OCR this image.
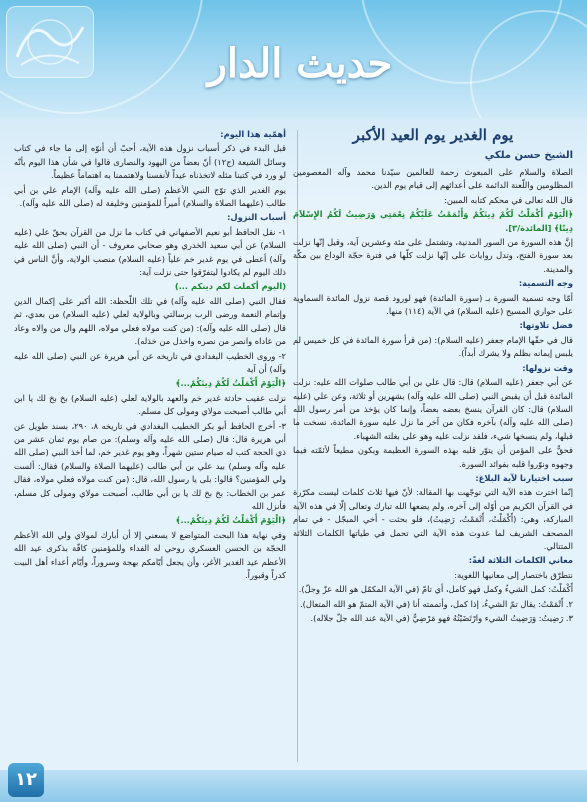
حديث الدار
يوم الغدير يوم العيد الأكبر
الشيخ حسن ملكي

الصلاة والسلام على المبعوث رحمة للعالمين سيّدنا محمد وآله المعصومين المظلومين واللّعنة الدائمة على أعدائهم إلى قيام يوم الدين.

قال الله تعالى في محكم كتابه المبين:

﴿الْيَوْمَ أَكْمَلْتُ لَكُمْ دِينَكُمْ وَأَتْمَمْتُ عَلَيْكُمْ نِعْمَتِي وَرَضِيتُ لَكُمُ الإِسْلاَمَ دِينًا﴾ [المائدة/٣].

إنَّ هذه السورة من السور المدنية، وتشتمل على مئة وعشرين آية، وقيل إنّها نزلت بعد سورة الفتح، وتدل روايات على إنّها نزلت كلّها في فترة حجّة الوداع بين مكّة والمدينة.

وجه التسمية:

أمّا وجه تسمية السورة بـ (سورة المائدة) فهو لورود قصة نزول المائدة السماوية على حواري المسيح (عليه السلام) في الآية (١١٤) منها.

فضل تلاوتها:

قال في حقّها الإمام جعفر (عليه السلام): (من قرأ سورة المائدة في كل خميس لم يلبس إيمانه بظلم ولا يشرك أبداً).

وقت نزولها:

عن أبي جعفر (عليه السلام) قال: قال علي بن أبي طالب صلوات الله عليه: نزلت المائدة قبل أن يقبض النبي (صلى الله عليه وآله) بشهرين أو ثلاثة، وعن علي (عليه السلام) قال: كان القرآن ينسخ بعضه بعضاً، وإنما كان يؤخذ من أمر رسول الله (صلى الله عليه وآله) بآخره فكان من آخر ما نزل عليه سورة المائدة، نسخت ما قبلها، ولم ينسخها شيء، فلقد نزلت عليه وهو على بغلته الشهباء.

فحقٌّ على المؤمن أن يتوّر قلبه بهذه السورة العظيمة ويكون مطيعاً لأئمّته فيما وجهوه ونوّروا قلبه بفوائد السورة.

سبب اختيارنا لآية البلاغ:

إنّما اخترت هذه الآية التي توجّهت بها المقالة: لأنّ فيها ثلاث كلمات ليست مكرّرة في القرآن الكريم من أوّله إلى آخره، ولم يضعها الله تبارك وتعالى إلّا في هذه الآية المباركة، وهي: (أَكْمَلْتُ، أَتْمَمْتُ، رَضِيتُ)، فلو بحثت - أخي المبجّل - في تمام المصحف الشريف لما عدوت هذه الآية التي تحمل في طياتها الكلمات الثلاثة المتتالي.

معاني الكلمات الثلاثة لغةً:

نتطرّق باختصار إلى معانيها اللغوية:

أَكْمَلْتُ: كمل الشيءُ وكمل فهو كامل، أي تامّ (في الآية المكمّل هو الله عزّ وجلّ).

٢. أَتْمَمْتُ: يقال تمّ الشيءُ، إذا كمل، وأتممته أنا (في الآية المتمّ هو الله المتعال).

٣. رَضِيتُ: وَرَضِيتُ الشيء وارْتَضَيْتُهُ فهو مَرْضِيٌّ (في الآية عند الله جلّ جلاله).

أهمّية هذا اليوم:

قبل البدء في ذكر أسباب نزول هذه الآية، أحبّ أن أنوّه إلى ما جاء في كتاب وسائل الشيعة (ج١٢) أنّ بعضاً من اليهود والنصارى قالوا في شأن هذا اليوم بأنّه لو ورد في كتبنا مثله لاتخذناه عيداً لأنفسنا ولاهتممنا به اهتماماً عظيماً.

يوم الغدير الذي توّج النبي الأعظم (صلى الله عليه وآله) الإمام علي بن أبي طالب (عليهما الصلاة والسلام) أميراً للمؤمنين وخليفة له (صلى الله عليه وآله).

أسباب النزول:

١- نقل الحافظ أبو نعيم الأصفهاني في كتاب ما نزل من القرآن بحقّ علي (عليه السلام) عن أبي سعيد الخدري وهو صحابي معروف - أن النبي (صلى الله عليه وآله) أعطى في يوم غدير خم علياً (عليه السلام) منصب الولاية، وأنَّ الناس في ذلك اليوم لم يكادوا ليتفرّقوا حتى نزلت آية:

(اليوم أكملت لكم دينكم ...)

فقال النبي (صلى الله عليه وآله) في تلك اللّحظة: الله أكبر على إكمال الدين وإتمام النعمة ورضى الرب برسالتي وبالولاية لعلي (عليه السلام) من بعدي، ثم قال (صلى الله عليه وآله): (من كنت مولاه فعلي مولاه، اللهم وال من والاه وعاد من عاداه وانصر من نصره واخذل من خذله).

٢- وروى الخطيب البغدادي في تاريخه عن أبي هريرة عن النبي (صلى الله عليه وآله) أن آية

﴿الْيَوْمَ أَكْمَلْتُ لَكُمْ دِينَكُمْ...﴾

نزلت عقيب حادثة غدير خم والعهد بالولاية لعلي (عليه السلام) بخ بخ لك يا ابن أبي طالب أصبحت مولاي ومولى كل مسلم.

٣- أخرج الحافظ أبو بكر الخطيب البغدادي في تاريخه ٨، ٢٩٠، بسند طويل عن أبي هريرة قال: قال (صلى الله عليه وآله وسلم): من صام يوم ثمان عشر من ذي الحجة كتب له صيام ستين شهراً، وهو يوم غدير خم، لما أخذ النبي (صلى الله عليه وآله وسلم) بيد علي بن أبي طالب (عليهما الصلاة والسلام) فقال: ألست ولي المؤمنين؟ قالوا: بلى يا رسول الله، قال: (من كنت مولاه فعلي مولاه، فقال عمر بن الخطاب: بخ بخ لك يا بن أبي طالب، أصبحت مولاي ومولى كل مسلم، فأنزل الله

﴿الْيَوْمَ أَكْمَلْتُ لَكُمْ دِينَكُمْ...﴾

وفي نهاية هذا البحث المتواضع لا يسعني إلا أن أبارك لمولاي ولي الله الأعظم الحجّة بن الحسن العسكري روحي له الفداء وللمؤمنين كافّة بذكرى عيد الله الأعظم عيد الغدير الأغر، وأن يجعل أيّامكم بهجة وسروراً، وأيّام أعداء أهل البيت كدراً وقبوراً.

١٢
